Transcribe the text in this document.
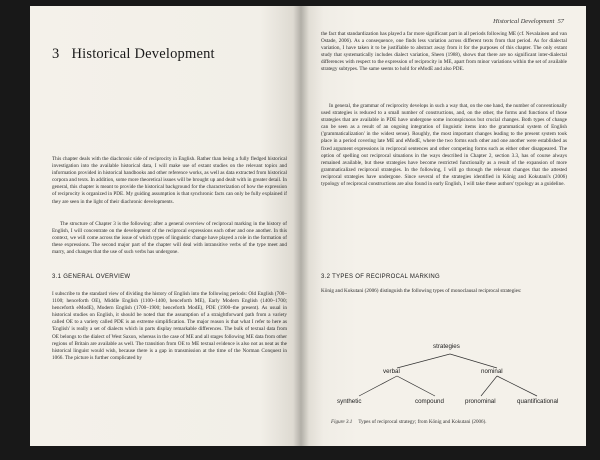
3 Historical Development

This chapter deals with the diachronic side of reciprocity in English. Rather than being a fully fledged historical investigation into the available historical data, I will make use of extant studies on the relevant topics and information provided in historical handbooks and other reference works, as well as data extracted from historical corpora and texts. In addition, some more theoretical issues will be brought up and dealt with in greater detail. In general, this chapter is meant to provide the historical background for the characterization of how the expression of reciprocity is organized in PDE. My guiding assumption is that synchronic facts can only be fully explained if they are seen in the light of their diachronic developments.

The structure of Chapter 3 is the following: after a general overview of reciprocal marking in the history of English, I will concentrate on the development of the reciprocal expressions each other and one another. In this context, we will come across the issue of which types of linguistic change have played a role in the formation of these expressions. The second major part of the chapter will deal with intransitive verbs of the type meet and marry, and changes that the use of such verbs has undergone.

3.1 GENERAL OVERVIEW

I subscribe to the standard view of dividing the history of English into the following periods: Old English (700–1100; henceforth OE), Middle English (1100–1400, henceforth ME), Early Modern English (1400–1700; henceforth eModE), Modern English (1700–1900; henceforth ModE), PDE (1900–the present). As usual in historical studies on English, it should be noted that the assumption of a straightforward path from a variety called OE to a variety called PDE is an extreme simplification. The major reason is that what I refer to here as 'English' is really a set of dialects which in parts display remarkable differences. The bulk of textual data from OE belongs to the dialect of West Saxon, whereas in the case of ME and all stages following ME data from other regions of Britain are available as well. The transition from OE to ME textual evidence is also not as neat as the historical linguist would wish, because there is a gap in transmission at the time of the Norman Conquest in 1066. The picture is further complicated by

Historical Development 57

the fact that standardization has played a far more significant part in all periods following ME (cf. Nevalainen and van Ostade, 2006). As a consequence, one finds less variation across different texts from that period. As for dialectal variation, I have taken it to be justifiable to abstract away from it for the purposes of this chapter. The only extant study that systematically includes dialect variation, Sheen (1988), shows that there are no significant inter-dialectal differences with respect to the expression of reciprocity in ME, apart from minor variations within the set of available strategy subtypes. The same seems to hold for eModE and also PDE.

In general, the grammar of reciprocity develops in such a way that, on the one hand, the number of conventionally used strategies is reduced to a small number of constructions, and, on the other, the forms and functions of those strategies that are available in PDE have undergone some inconspicuous but crucial changes. Both types of change can be seen as a result of an ongoing integration of linguistic items into the grammatical system of English ('grammaticalization' in the widest sense). Roughly, the most important changes leading to the present system took place in a period covering late ME and eModE, where the two forms each other and one another were established as fixed argument expressions in reciprocal sentences and other competing forms such as either other disappeared. The option of spelling out reciprocal situations in the ways described in Chapter 2, section 3.3, has of course always remained available, but these strategies have become restricted functionally as a result of the expansion of more grammaticalized reciprocal strategies. In the following, I will go through the relevant changes that the attested reciprocal strategies have undergone. Since several of the strategies identified in König and Kokutani's (2006) typology of reciprocal constructions are also found in early English, I will take these authors' typology as a guideline.

3.2 TYPES OF RECIPROCAL MARKING

König and Kokutani (2006) distinguish the following types of monoclausal reciprocal strategies:

strategies
verbal	nominal
synthetic	compound	pronominal	quantificational
Figure 3.1 Types of reciprocal strategy; from König and Kokutani (2006).
